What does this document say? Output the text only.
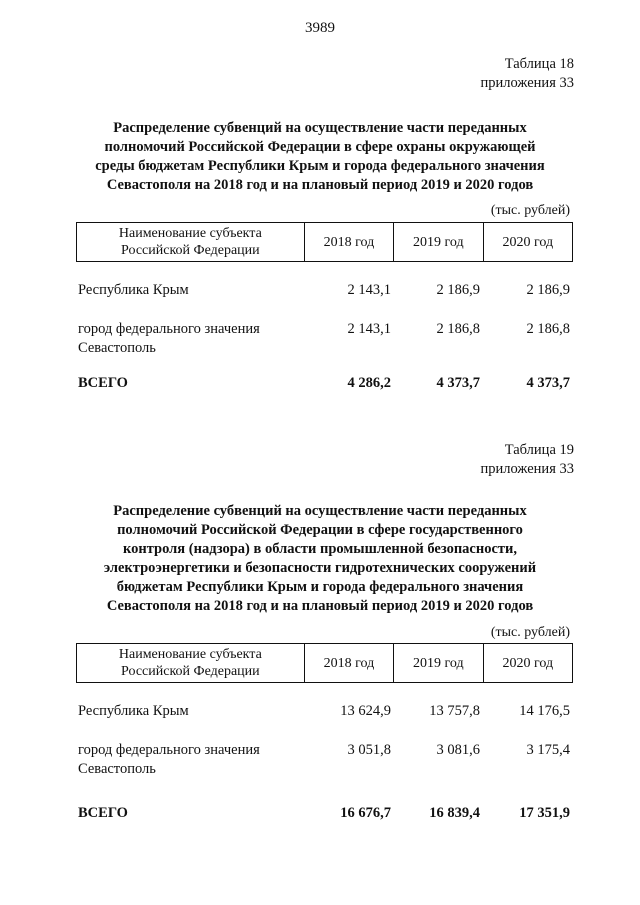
3989
Таблица 18
приложения 33
Распределение субвенций на осуществление части переданных
полномочий Российской Федерации в сфере охраны окружающей
среды бюджетам Республики Крым и города федерального значения
Севастополя на 2018 год и на плановый период 2019 и 2020 годов
(тыс. рублей)
Наименование субъекта
Российской Федерации
	2018 год	2019 год	2020 год
Республика Крым	2 143,1	2 186,9	2 186,9
город федерального значения
Севастополь
2 143,1	2 186,8	2 186,8
ВСЕГО	4 286,2	4 373,7	4 373,7
Таблица 19
приложения 33
Распределение субвенций на осуществление части переданных
полномочий Российской Федерации в сфере государственного
контроля (надзора) в области промышленной безопасности,
электроэнергетики и безопасности гидротехнических сооружений
бюджетам Республики Крым и города федерального значения
Севастополя на 2018 год и на плановый период 2019 и 2020 годов
(тыс. рублей)
Наименование субъекта
Российской Федерации
	2018 год	2019 год	2020 год
Республика Крым	13 624,9	13 757,8	14 176,5
город федерального значения
Севастополь
3 051,8	3 081,6	3 175,4
ВСЕГО	16 676,7	16 839,4	17 351,9
